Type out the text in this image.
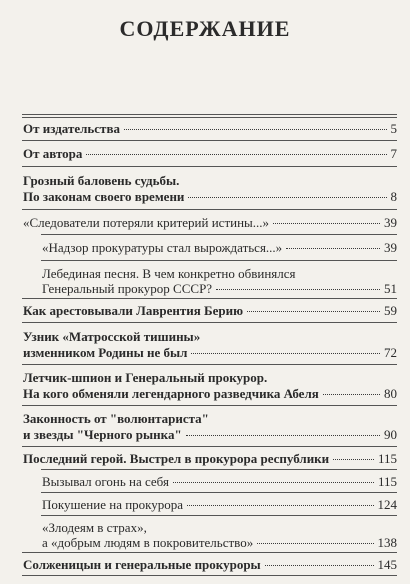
СОДЕРЖАНИЕ
От издательства	5
От автора	7
Грозный баловень судьбы.
По законам своего времени	8
«Следователи потеряли критерий истины...»	39
«Надзор прокуратуры стал вырождаться...»	39
Лебединая песня. В чем конкретно обвинялся
Генеральный прокурор СССР?	51
Как арестовывали Лаврентия Берию	59
Узник «Матросской тишины»
изменником Родины не был	72
Летчик-шпион и Генеральный прокурор.
На кого обменяли легендарного разведчика Абеля	80
Законность от "волюнтариста"
и звезды "Черного рынка"	90
Последний герой. Выстрел в прокурора республики	115
Вызывал огонь на себя	115
Покушение на прокурора	124
«Злодеям в страх»,
а «добрым людям в покровительство»	138
Солженицын и генеральные прокуроры	145
